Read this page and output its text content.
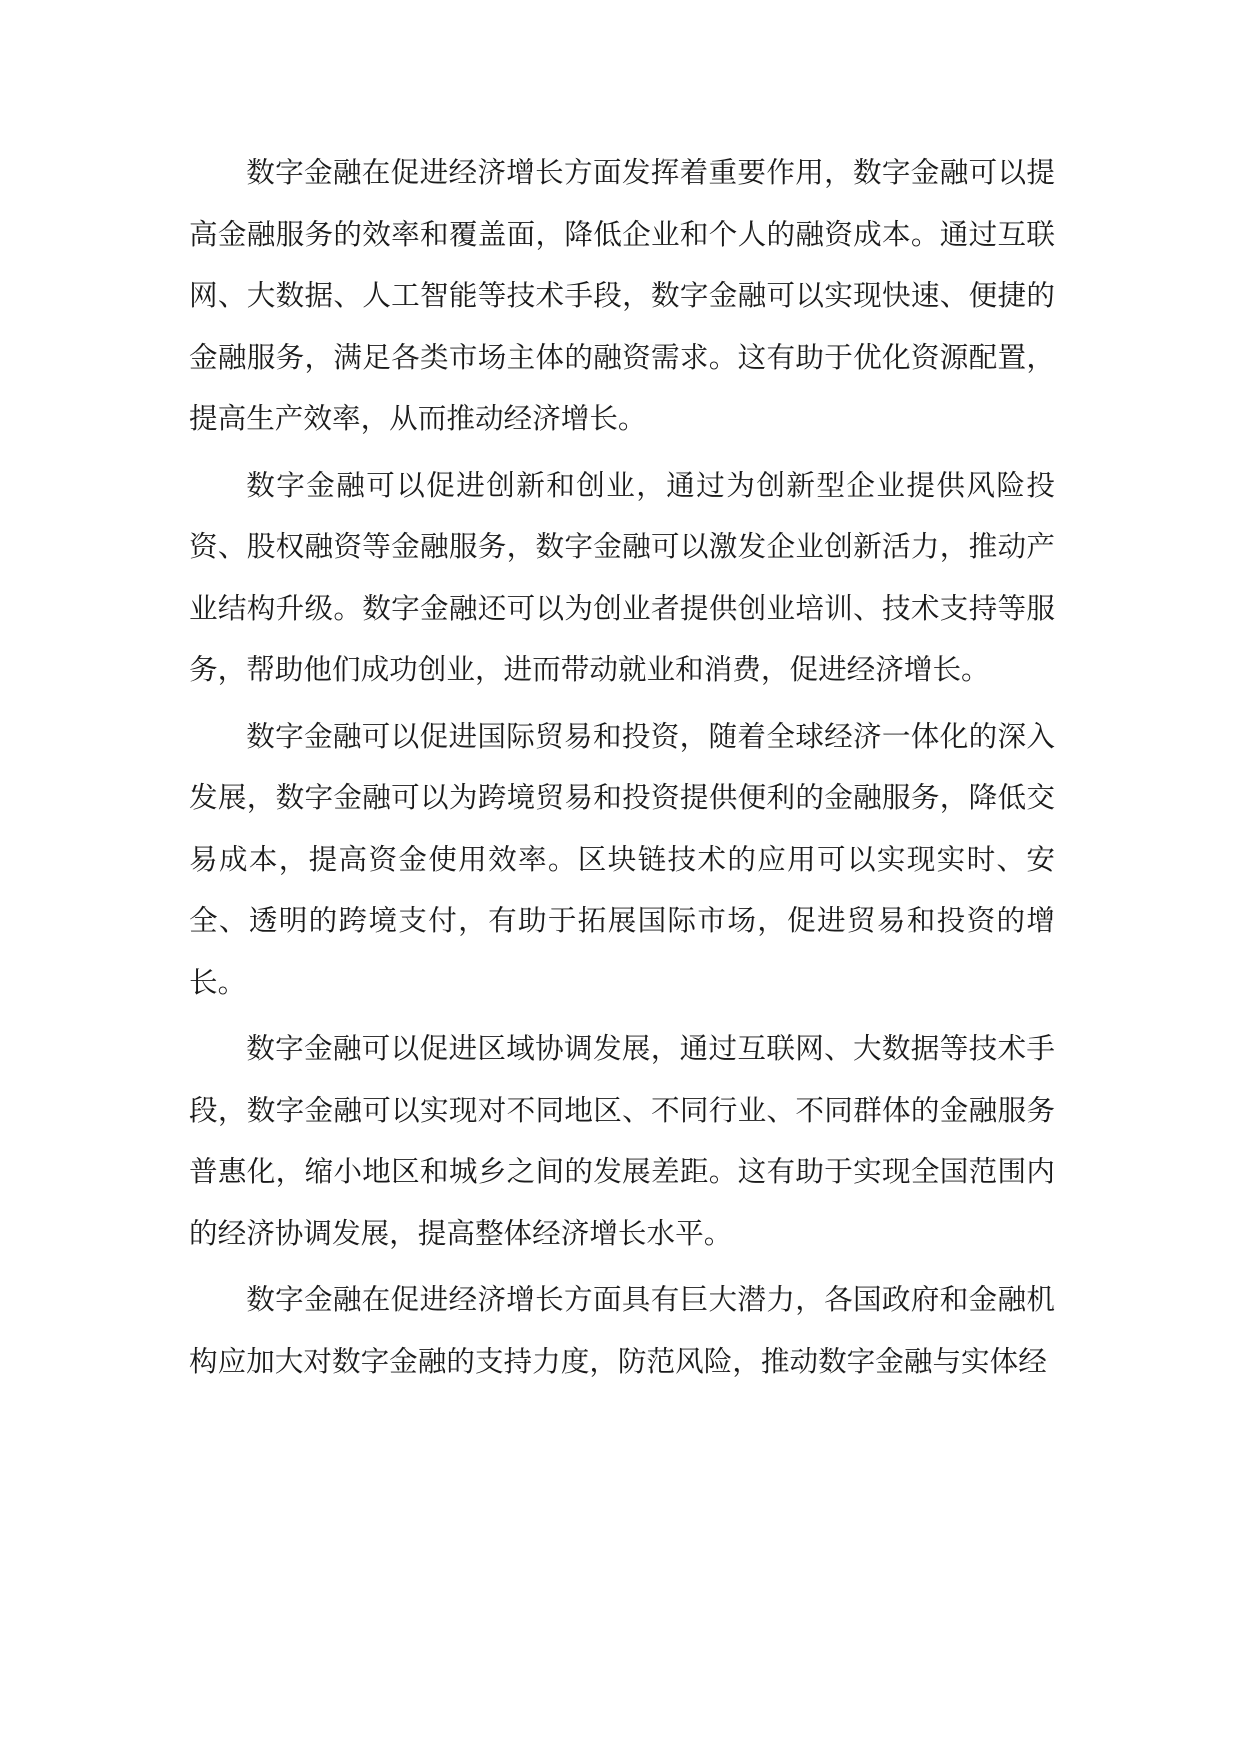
数字金融在促进经济增长方面发挥着重要作用，数字金融可以提高金融服务的效率和覆盖面，降低企业和个人的融资成本。通过互联网、大数据、人工智能等技术手段，数字金融可以实现快速、便捷的金融服务，满足各类市场主体的融资需求。这有助于优化资源配置，提高生产效率，从而推动经济增长。

数字金融可以促进创新和创业，通过为创新型企业提供风险投资、股权融资等金融服务，数字金融可以激发企业创新活力，推动产业结构升级。数字金融还可以为创业者提供创业培训、技术支持等服务，帮助他们成功创业，进而带动就业和消费，促进经济增长。

数字金融可以促进国际贸易和投资，随着全球经济一体化的深入发展，数字金融可以为跨境贸易和投资提供便利的金融服务，降低交易成本，提高资金使用效率。区块链技术的应用可以实现实时、安全、透明的跨境支付，有助于拓展国际市场，促进贸易和投资的增长。

数字金融可以促进区域协调发展，通过互联网、大数据等技术手段，数字金融可以实现对不同地区、不同行业、不同群体的金融服务普惠化，缩小地区和城乡之间的发展差距。这有助于实现全国范围内的经济协调发展，提高整体经济增长水平。

数字金融在促进经济增长方面具有巨大潜力，各国政府和金融机构应加大对数字金融的支持力度，防范风险，推动数字金融与实体经
